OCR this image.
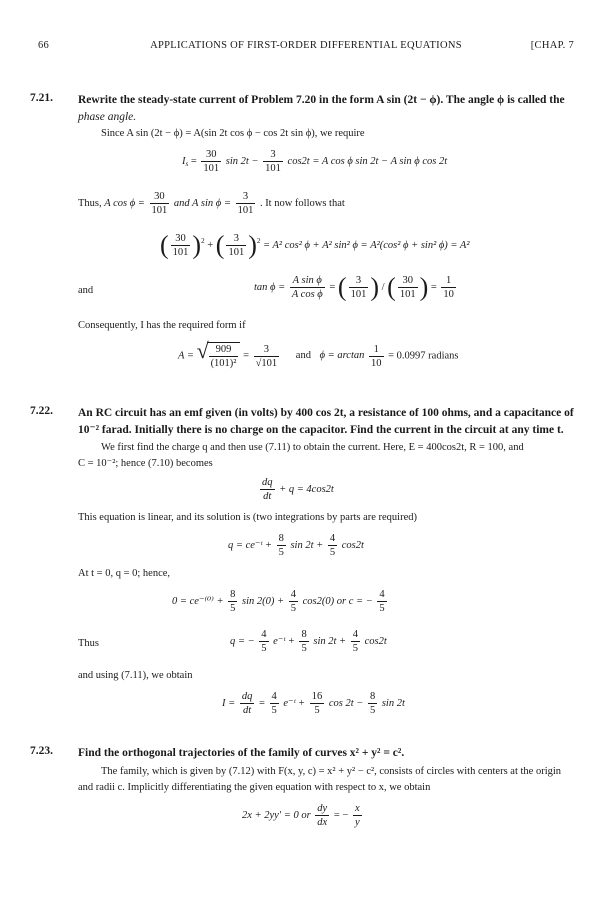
66	APPLICATIONS OF FIRST-ORDER DIFFERENTIAL EQUATIONS	[CHAP. 7
7.21. Rewrite the steady-state current of Problem 7.20 in the form A sin (2t − ϕ). The angle ϕ is called the
phase angle.
Since A sin (2t − ϕ) = A(sin 2t cos ϕ − cos 2t sin ϕ), we require
$I_s = \frac{30}{101}$ $\sin 2t - \frac{3}{101} \cos 2t = A$ cos ϕ sin 2t − A sin ϕ cos 2t
Thus, A $\cos \phi = \frac{30}{101}$ and A $\sin \phi = \frac{3}{101}$ . It now follows that
( $\frac{30}{101} )^2$ + ( $\frac{3}{101} )^2 = A^2$ cos² ϕ + A² sin² ϕ = A²(cos² ϕ + sin² ϕ) = A²
and	$\tan \phi = \frac{\text{A sin ϕ}}{\text{A cos ϕ}}$ = ( $\frac{3}{101}$ ) / ( $\frac{30}{101}$ ) = $\frac{1}{10}$
Consequently, I has the required form if
A = √ $\frac{909}{\text{(101)²}} = \frac{3}{√101}$ and $\phi = \arctan \frac{1}{10} = 0.0997$ radians
7.22. An RC circuit has an emf given (in volts) by 400 cos 2t, a resistance of 100 ohms, and a capacitance of
10⁻² farad. Initially there is no charge on the capacitor. Find the current in the circuit at any time t.
We first find the charge q and then use (7.11) to obtain the current. Here, E = 400cos2t, R = 100, and
C = 10⁻²; hence (7.10) becomes
$\frac{dq}{dt} + q = 4\cos 2t$
This equation is linear, and its solution is (two integrations by parts are required)
q = ce⁻ᵗ + $\frac{8}{5}$ $\sin 2t + \frac{4}{5} \cos 2t$
At t = 0, q = 0; hence,
$0 = ce^{-(0)} + \frac{8}{5}$ $\sin 2(0) + \frac{4}{5} \cos 2(0)$ or c = − $\frac{4}{5}$
Thus	q = − $\frac{4}{5}$ e⁻ᵗ + $\frac{8}{5}$ $\sin 2t + \frac{4}{5} \cos 2t$
and using (7.11), we obtain
$I = \frac{dq}{dt} = \frac{4}{5}$ e⁻ᵗ + $\frac{16}{5}$ $\cos 2t - \frac{8}{5}$ sin 2t
7.23. Find the orthogonal trajectories of the family of curves x² + y² = c².
The family, which is given by (7.12) with F(x, y, c) = x² + y² − c², consists of circles with centers at the origin
and radii c. Implicitly differentiating the given equation with respect to x, we obtain
2x + 2yy′ = 0 or $\frac{dy}{dx}$ = − $\frac{x}{y}$
